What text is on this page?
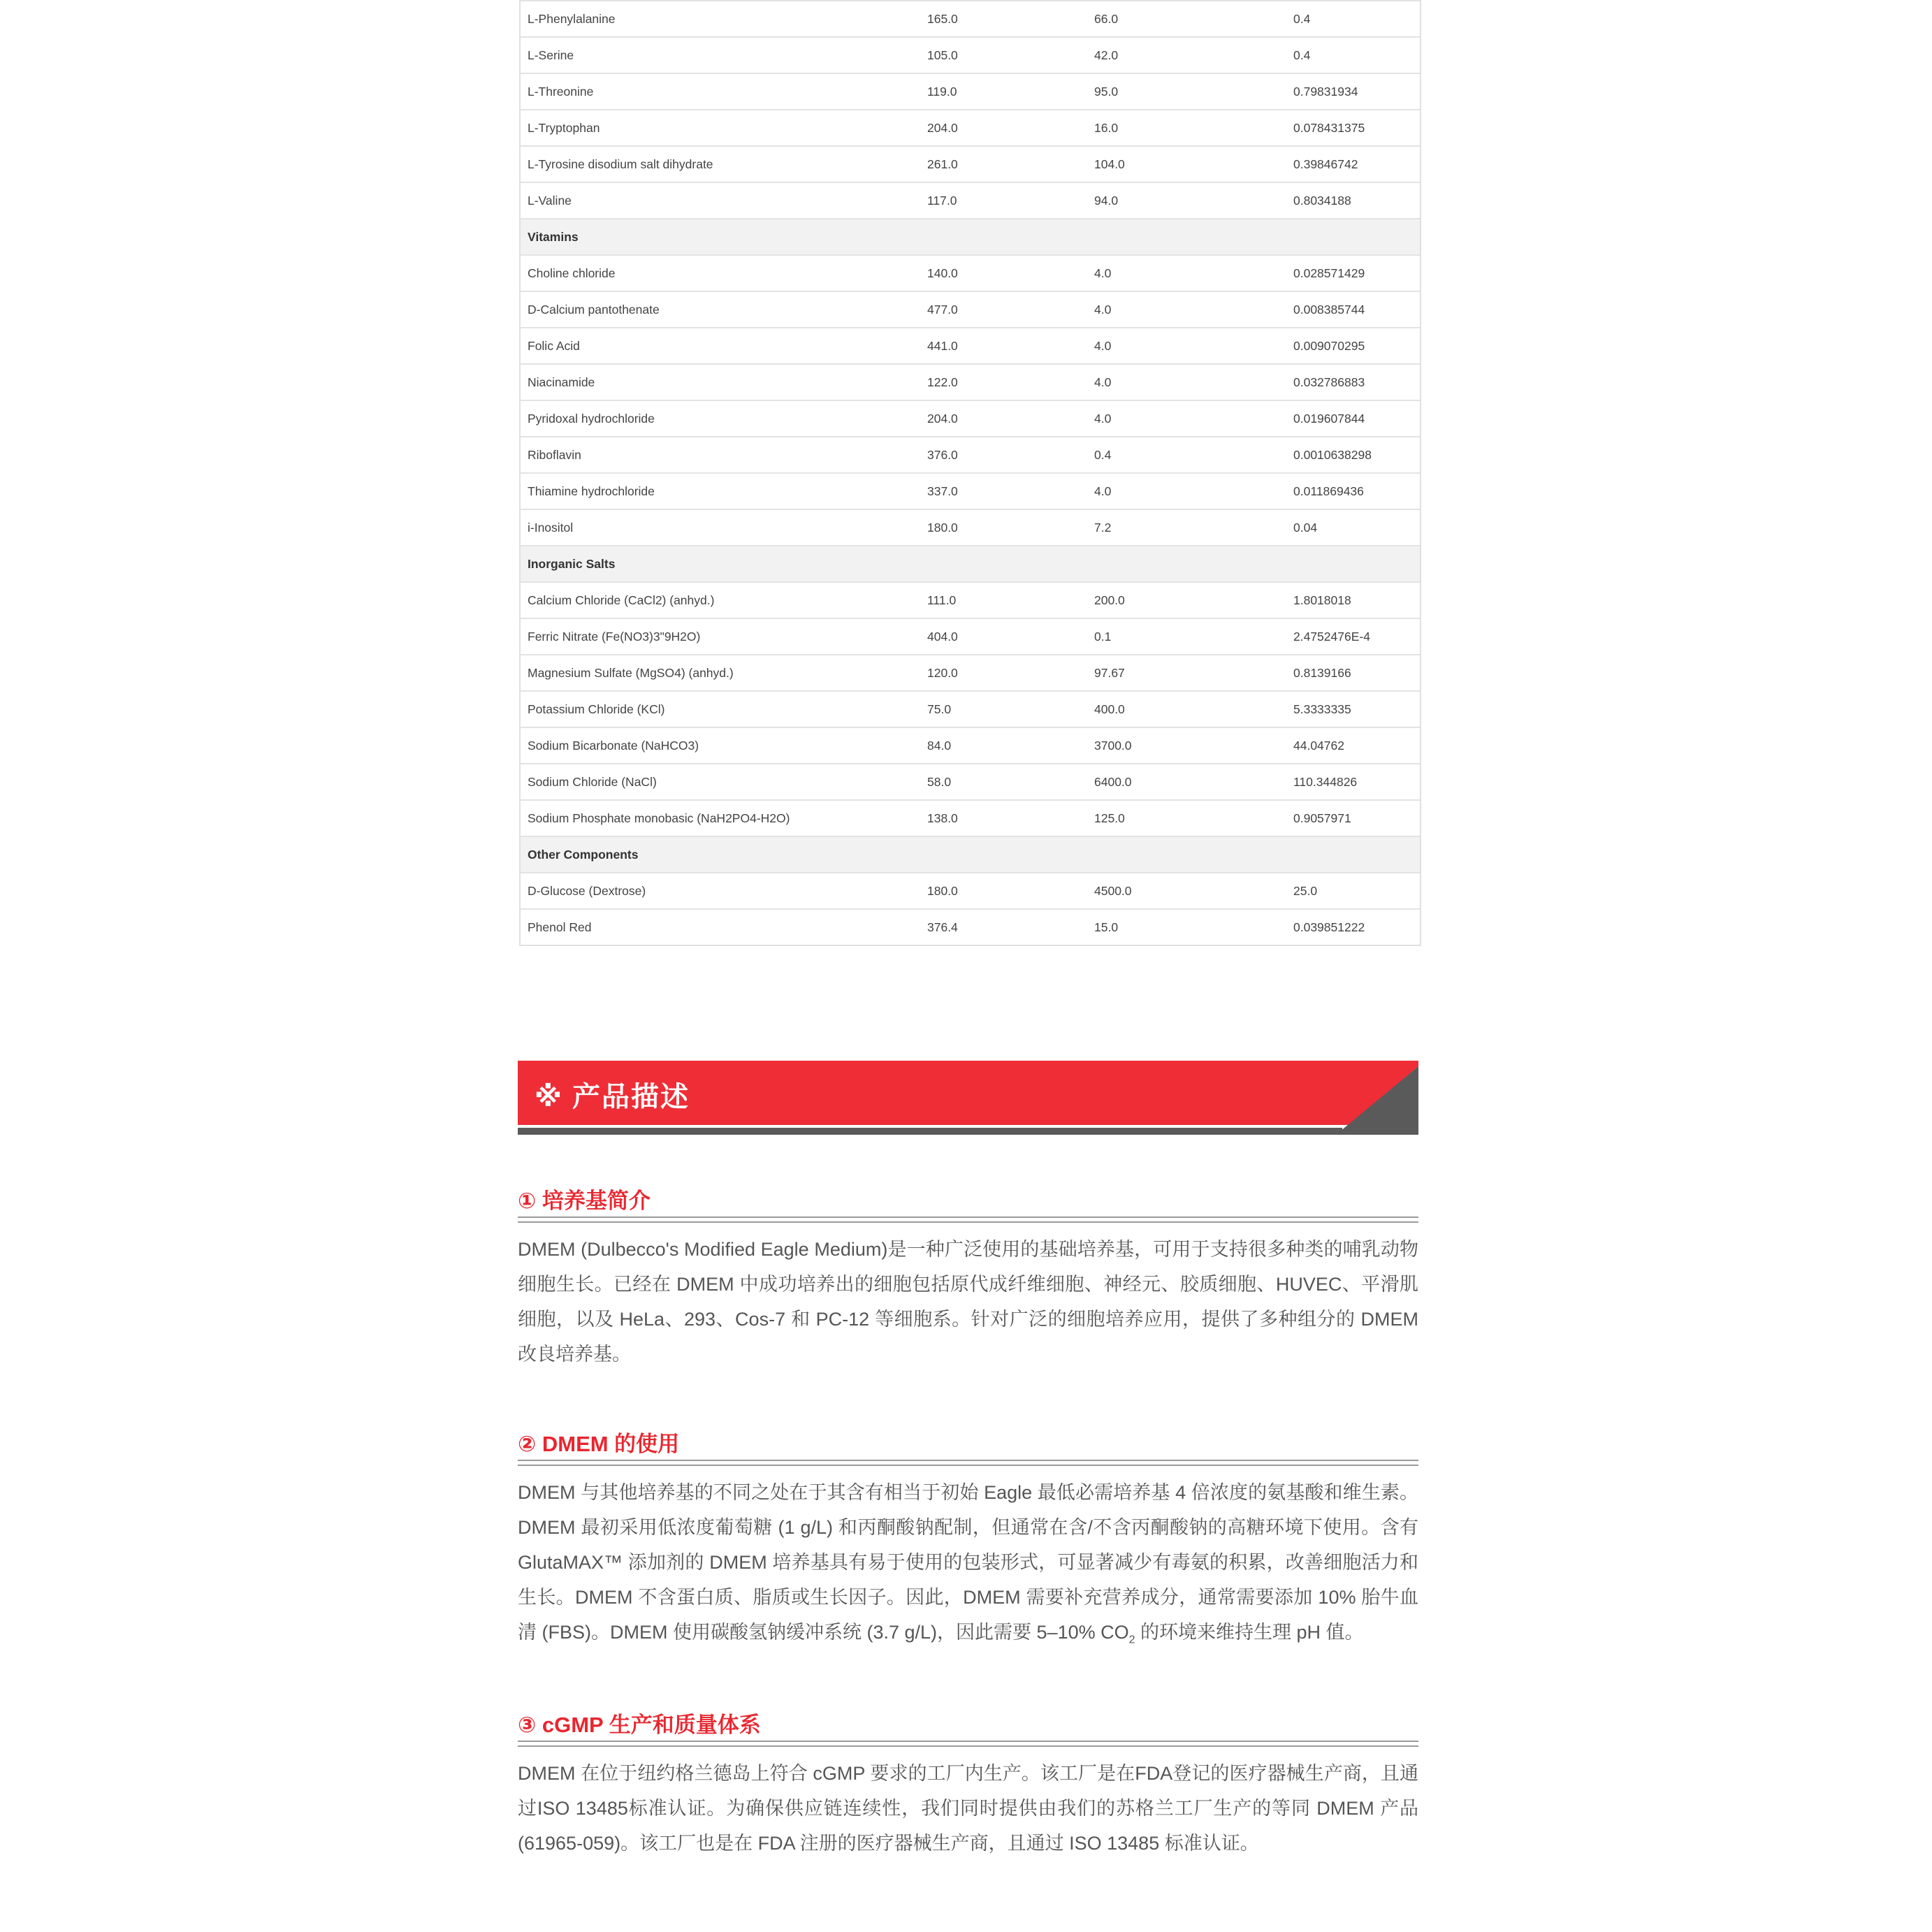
L-Phenylalanine	165.0	66.0	0.4
L-Serine	105.0	42.0	0.4
L-Threonine	119.0	95.0	0.79831934
L-Tryptophan	204.0	16.0	0.078431375
L-Tyrosine disodium salt dihydrate	261.0	104.0	0.39846742
L-Valine	117.0	94.0	0.8034188
Vitamins			
Choline chloride	140.0	4.0	0.028571429
D-Calcium pantothenate	477.0	4.0	0.008385744
Folic Acid	441.0	4.0	0.009070295
Niacinamide	122.0	4.0	0.032786883
Pyridoxal hydrochloride	204.0	4.0	0.019607844
Riboflavin	376.0	0.4	0.0010638298
Thiamine hydrochloride	337.0	4.0	0.011869436
i-Inositol	180.0	7.2	0.04
Inorganic Salts			
Calcium Chloride (CaCl2) (anhyd.)	111.0	200.0	1.8018018
Ferric Nitrate (Fe(NO3)3"9H2O)	404.0	0.1	2.4752476E-4
Magnesium Sulfate (MgSO4) (anhyd.)	120.0	97.67	0.8139166
Potassium Chloride (KCl)	75.0	400.0	5.3333335
Sodium Bicarbonate (NaHCO3)	84.0	3700.0	44.04762
Sodium Chloride (NaCl)	58.0	6400.0	110.344826
Sodium Phosphate monobasic (NaH2PO4-H2O)	138.0	125.0	0.9057971
Other Components			
D-Glucose (Dextrose)	180.0	4500.0	25.0
Phenol Red	376.4	15.0	0.039851222
※ 产品描述
① 培养基简介
DMEM (Dulbecco's Modified Eagle Medium)是一种广泛使用的基础培养基，可用于支持很多种类的哺乳动物细胞生长。已经在 DMEM 中成功培养出的细胞包括原代成纤维细胞、神经元、胶质细胞、HUVEC、平滑肌细胞，以及 HeLa、293、Cos-7 和 PC-12 等细胞系。针对广泛的细胞培养应用，提供了多种组分的 DMEM 改良培养基。
② DMEM 的使用
DMEM 与其他培养基的不同之处在于其含有相当于初始 Eagle 最低必需培养基 4 倍浓度的氨基酸和维生素。DMEM 最初采用低浓度葡萄糖 (1 g/L) 和丙酮酸钠配制，但通常在含/不含丙酮酸钠的高糖环境下使用。含有 GlutaMAX™ 添加剂的 DMEM 培养基具有易于使用的包装形式，可显著减少有毒氨的积累，改善细胞活力和生长。DMEM 不含蛋白质、脂质或生长因子。因此，DMEM 需要补充营养成分，通常需要添加 10% 胎牛血清 (FBS)。DMEM 使用碳酸氢钠缓冲系统 (3.7 g/L)，因此需要 5–10% $CO_2$ 的环境来维持生理 pH 值。
③ cGMP 生产和质量体系
DMEM 在位于纽约格兰德岛上符合 cGMP 要求的工厂内生产。该工厂是在FDA登记的医疗器械生产商，且通过ISO 13485标准认证。为确保供应链连续性，我们同时提供由我们的苏格兰工厂生产的等同 DMEM 产品 (61965-059)。该工厂也是在 FDA 注册的医疗器械生产商，且通过 ISO 13485 标准认证。
